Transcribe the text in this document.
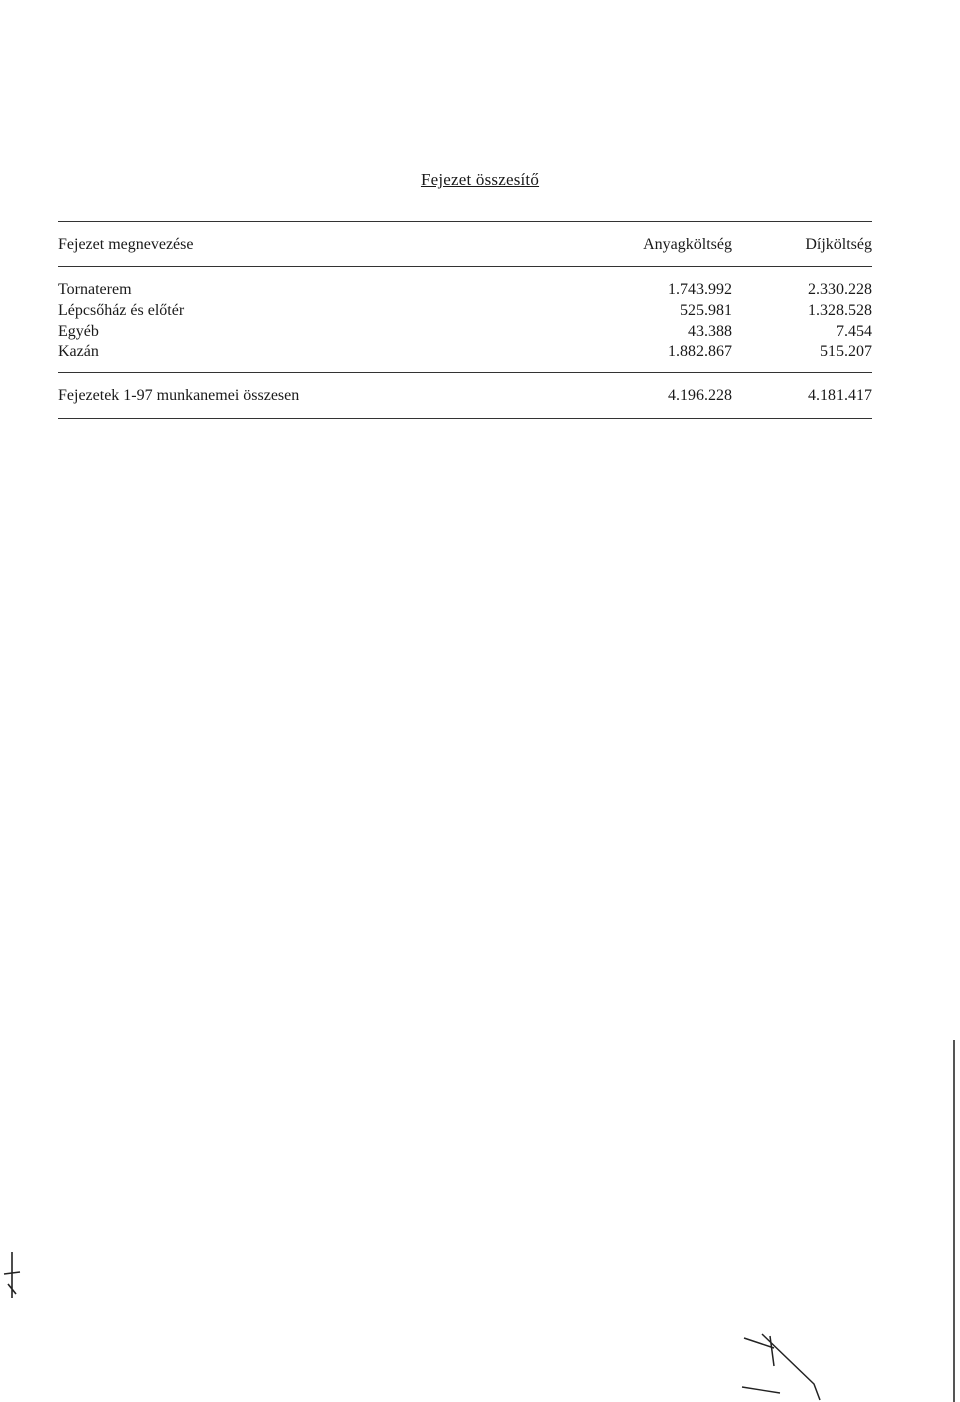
Fejezet összesítő
Fejezet megnevezése	Anyagköltség	Díjköltség
Tornaterem	1.743.992	2.330.228
Lépcsőház és előtér	525.981	1.328.528
Egyéb	43.388	7.454
Kazán	1.882.867	515.207
Fejezetek 1-97 munkanemei összesen	4.196.228	4.181.417
